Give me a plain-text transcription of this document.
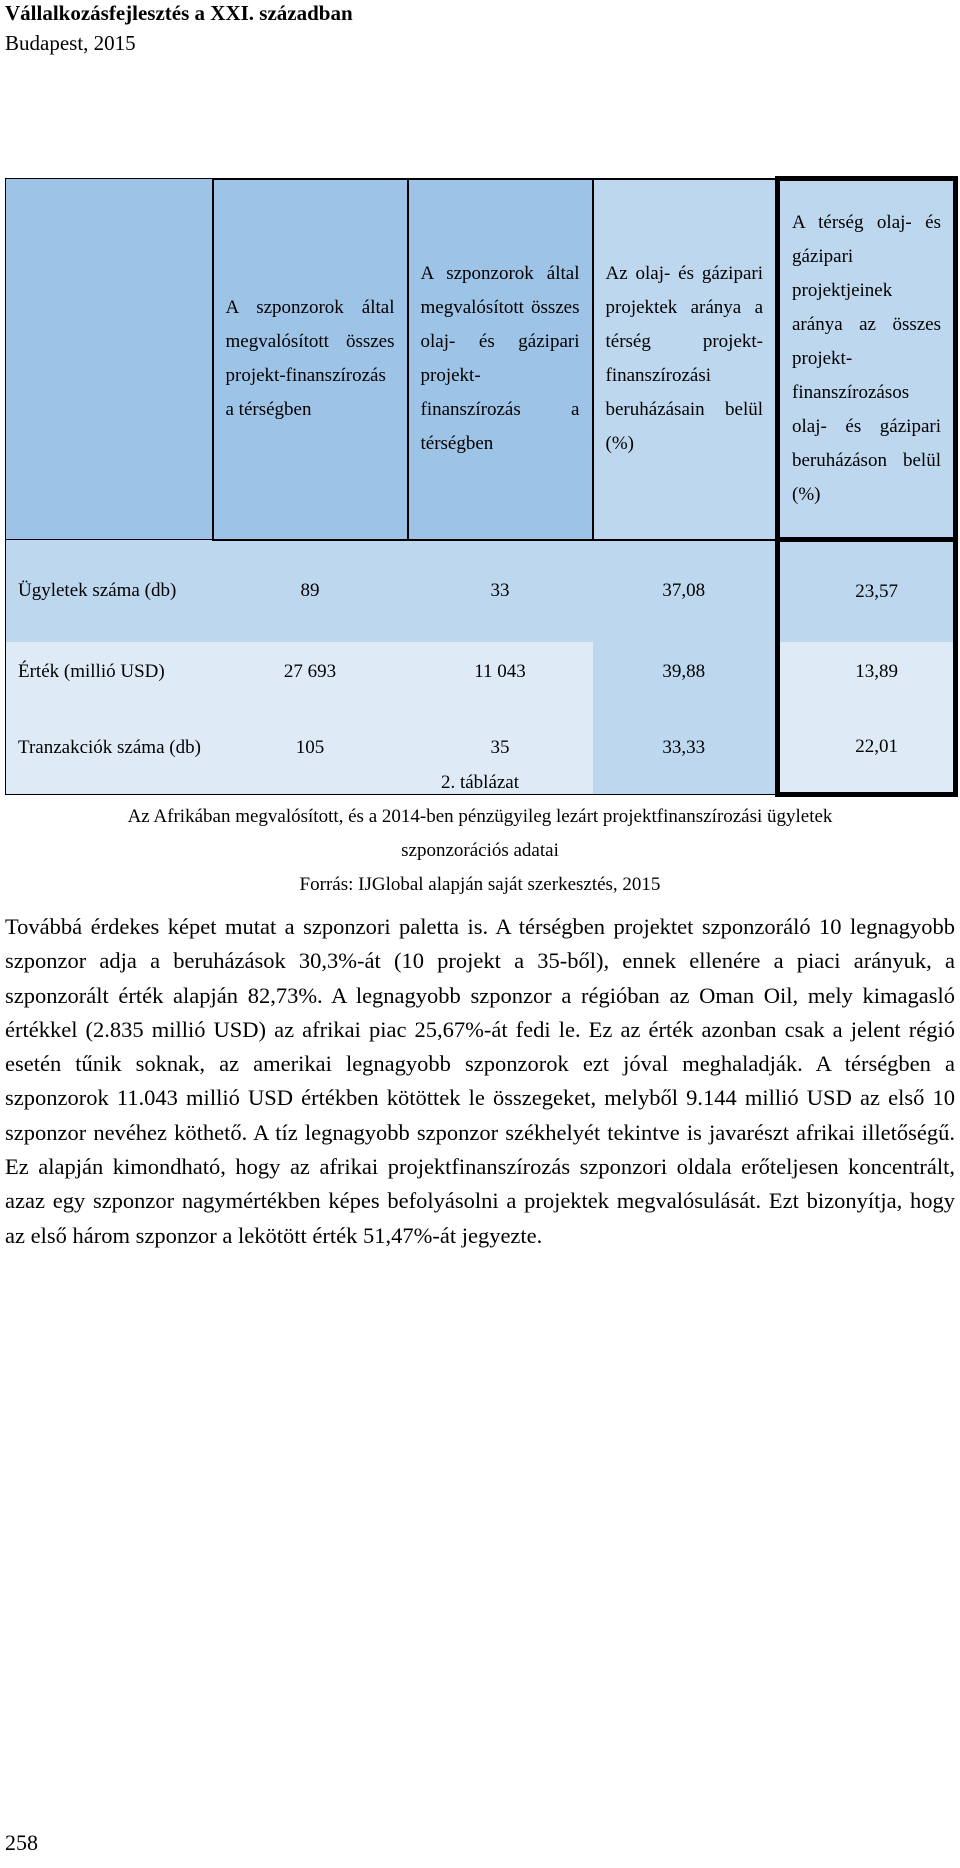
Vállalkozásfejlesztés a XXI. században
Budapest, 2015

	A szponzorok által megvalósított összes projekt-finanszírozás a térségben	A szponzorok által megvalósított összes olaj- és gázipari projekt-finanszírozás a térségben	Az olaj- és gázipari projektek aránya a térség projekt-finanszírozási beruházásain belül (%)	A térség olaj- és gázipari projektjeinek aránya az összes projekt-finanszírozásos olaj- és gázipari beruházáson belül (%)

Ügyletek száma (db)	89	33	37,08	23,57
Érték (millió USD)	27 693	11 043	39,88	13,89
Tranzakciók száma (db)	105	35	33,33	22,01
2. táblázat
Az Afrikában megvalósított, és a 2014-ben pénzügyileg lezárt projektfinanszírozási ügyletek
szponzorációs adatai
Forrás: IJGlobal alapján saját szerkesztés, 2015
Továbbá érdekes képet mutat a szponzori paletta is. A térségben projektet szponzoráló 10 legnagyobb szponzor adja a beruházások 30,3%-át (10 projekt a 35-ből), ennek ellenére a piaci arányuk, a szponzorált érték alapján 82,73%. A legnagyobb szponzor a régióban az Oman Oil, mely kimagasló értékkel (2.835 millió USD) az afrikai piac 25,67%-át fedi le. Ez az érték azonban csak a jelent régió esetén tűnik soknak, az amerikai legnagyobb szponzorok ezt jóval meghaladják. A térségben a szponzorok 11.043 millió USD értékben kötöttek le összegeket, melyből 9.144 millió USD az első 10 szponzor nevéhez köthető. A tíz legnagyobb szponzor székhelyét tekintve is javarészt afrikai illetőségű. Ez alapján kimondható, hogy az afrikai projektfinanszírozás szponzori oldala erőteljesen koncentrált, azaz egy szponzor nagymértékben képes befolyásolni a projektek megvalósulását. Ezt bizonyítja, hogy az első három szponzor a lekötött érték 51,47%-át jegyezte.
258
